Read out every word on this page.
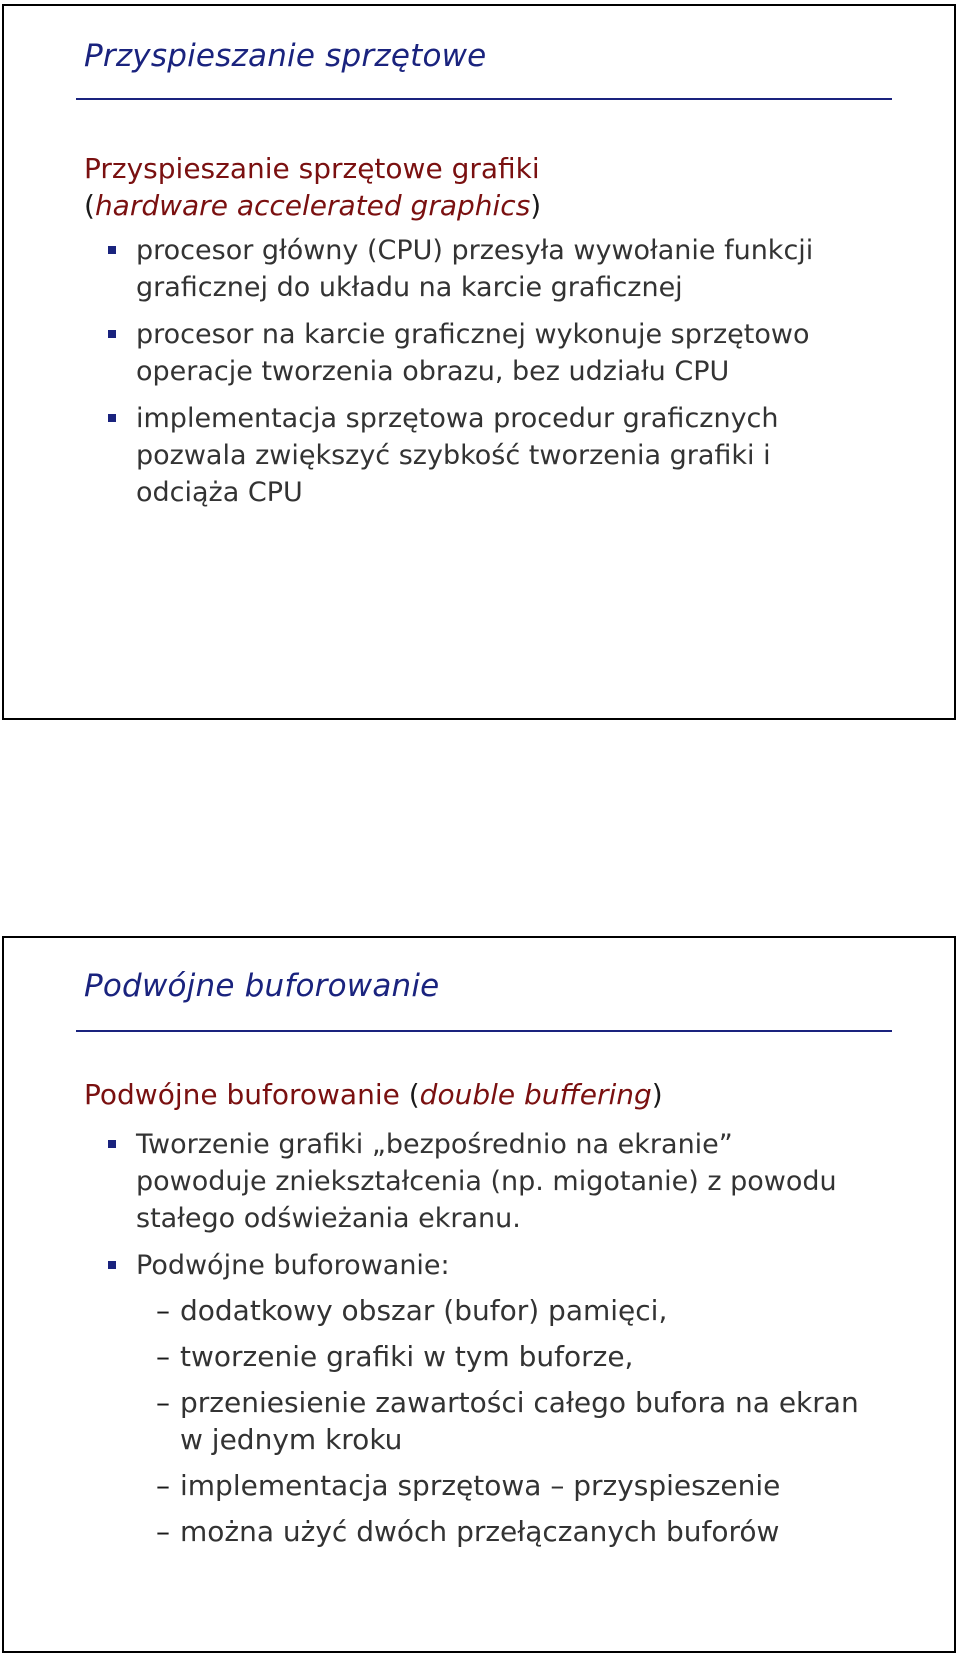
Przyspieszanie sprzętowe

Przyspieszanie sprzętowe grafiki
(hardware accelerated graphics)

procesor główny (CPU) przesyła wywołanie funkcji graficznej do układu na karcie graficznej
procesor na karcie graficznej wykonuje sprzętowo operacje tworzenia obrazu, bez udziału CPU
implementacja sprzętowa procedur graficznych pozwala zwiększyć szybkość tworzenia grafiki i odciąża CPU
Podwójne buforowanie

Podwójne buforowanie (double buffering)

Tworzenie grafiki „bezpośrednio na ekranie” powoduje zniekształcenia (np. migotanie) z powodu stałego odświeżania ekranu.
Podwójne buforowanie:
– dodatkowy obszar (bufor) pamięci,
– tworzenie grafiki w tym buforze,
– przeniesienie zawartości całego bufora na ekran w jednym kroku
– implementacja sprzętowa – przyspieszenie
– można użyć dwóch przełączanych buforów
